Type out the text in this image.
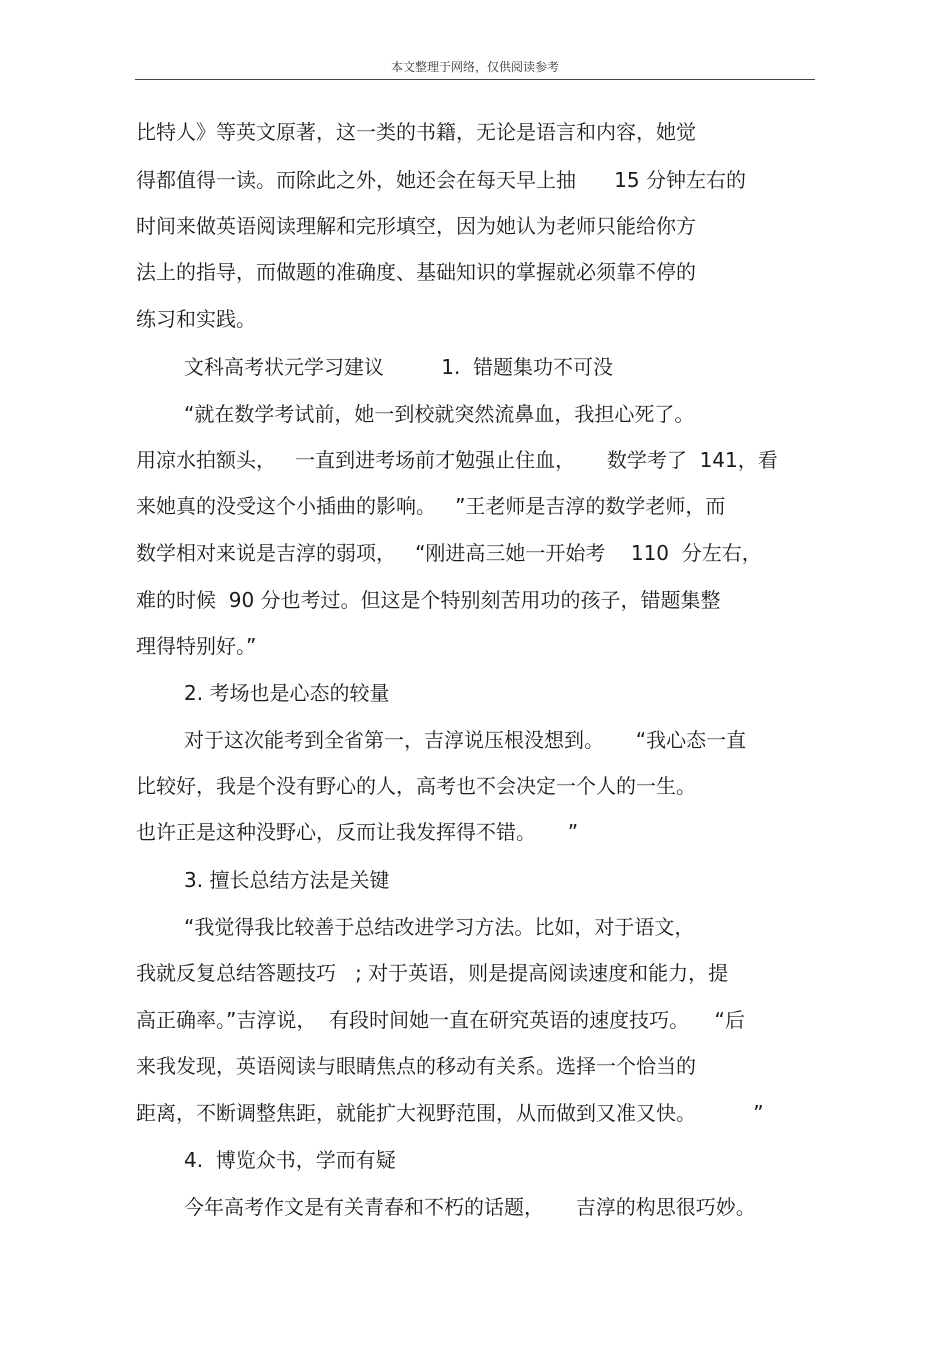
本文整理于网络，仅供阅读参考
比特人》等英文原著，这一类的书籍，无论是语言和内容，她觉
得都值得一读。而除此之外，她还会在每天早上抽      15 分钟左右的
时间来做英语阅读理解和完形填空，因为她认为老师只能给你方
法上的指导，而做题的准确度、基础知识的掌握就必须靠不停的
练习和实践。
文科高考状元学习建议         1.  错题集功不可没
“就在数学考试前，她一到校就突然流鼻血，我担心死了。
用凉水拍额头，   一直到进考场前才勉强止住血，     数学考了  141，看
来她真的没受这个小插曲的影响。   ”王老师是吉淳的数学老师，而
数学相对来说是吉淳的弱项，   “刚进高三她一开始考    110  分左右，
难的时候  90 分也考过。但这是个特别刻苦用功的孩子，错题集整
理得特别好。”
2. 考场也是心态的较量
对于这次能考到全省第一，吉淳说压根没想到。     “我心态一直
比较好，我是个没有野心的人，高考也不会决定一个人的一生。
也许正是这种没野心，反而让我发挥得不错。     ”
3. 擅长总结方法是关键
“我觉得我比较善于总结改进学习方法。比如，对于语文，
我就反复总结答题技巧   ; 对于英语，则是提高阅读速度和能力，提
高正确率。”吉淳说，  有段时间她一直在研究英语的速度技巧。    “后
来我发现，英语阅读与眼睛焦点的移动有关系。选择一个恰当的
距离，不断调整焦距，就能扩大视野范围，从而做到又准又快。         ”
4.  博览众书，学而有疑
今年高考作文是有关青春和不朽的话题，     吉淳的构思很巧妙。
